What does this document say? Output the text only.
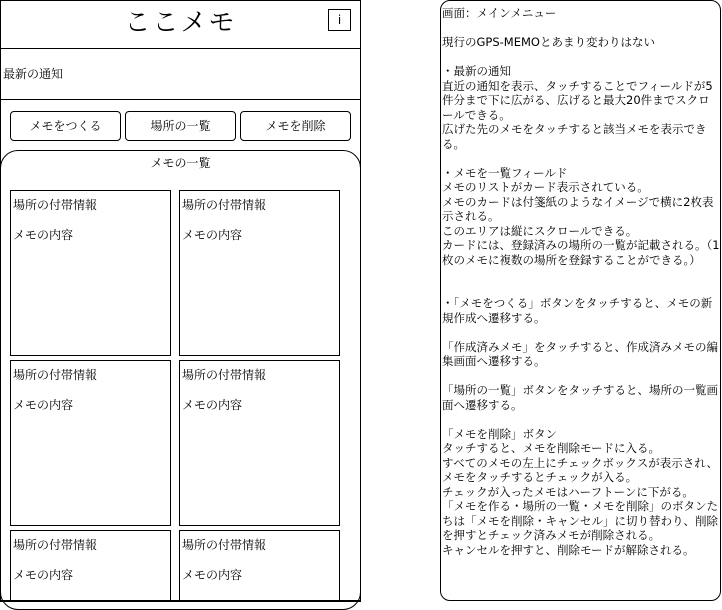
ここメモ	i
最新の通知
メモをつくる	場所の一覧	メモを削除
メモの一覧
場所の付帯情報
メモの内容
場所の付帯情報
メモの内容
場所の付帯情報
メモの内容
場所の付帯情報
メモの内容
場所の付帯情報
メモの内容
場所の付帯情報
メモの内容
画面：メインメニュー

現行のGPS-MEMOとあまり変わりはない

・最新の通知
直近の通知を表示、タッチすることでフィールドが5件分まで下に広がる、広げると最大20件までスクロールできる。
広げた先のメモをタッチすると該当メモを表示できる。

・メモを一覧フィールド
メモのリストがカード表示されている。
メモのカードは付箋紙のようなイメージで横に2枚表示される。
このエリアは縦にスクロールできる。
カードには、登録済みの場所の一覧が記載される。（1枚のメモに複数の場所を登録することができる。）

・「メモをつくる」ボタンをタッチすると、メモの新規作成へ遷移する。

「作成済みメモ」をタッチすると、作成済みメモの編集画面へ遷移する。

「場所の一覧」ボタンをタッチすると、場所の一覧画面へ遷移する。

「メモを削除」ボタン
タッチすると、メモを削除モードに入る。
すべてのメモの左上にチェックボックスが表示され、メモをタッチするとチェックが入る。
チェックが入ったメモはハーフトーンに下がる。
「メモを作る・場所の一覧・メモを削除」のボタンたちは「メモを削除・キャンセル」に切り替わり、削除を押すとチェック済みメモが削除される。
キャンセルを押すと、削除モードが解除される。
